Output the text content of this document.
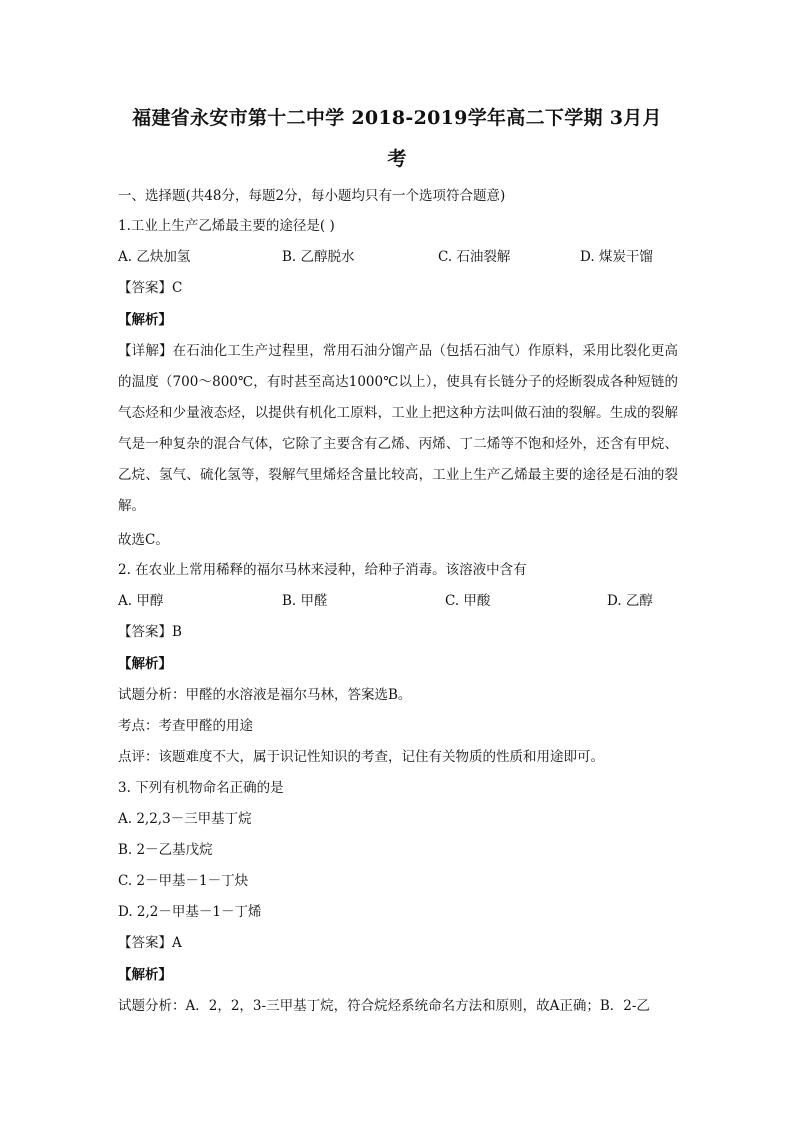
福建省永安市第十二中学 2018-2019学年高二下学期 3月月
考
一、选择题(共48分，每题2分，每小题均只有一个选项符合题意)
1.工业上生产乙烯最主要的途径是( )
A. 乙炔加氢	B. 乙醇脱水	C. 石油裂解	D. 煤炭干馏
【答案】C
【解析】
【详解】在石油化工生产过程里，常用石油分馏产品（包括石油气）作原料，采用比裂化更高的温度（700～800℃，有时甚至高达1000℃以上），使具有长链分子的烃断裂成各种短链的气态烃和少量液态烃，以提供有机化工原料，工业上把这种方法叫做石油的裂解。生成的裂解气是一种复杂的混合气体，它除了主要含有乙烯、丙烯、丁二烯等不饱和烃外，还含有甲烷、乙烷、氢气、硫化氢等，裂解气里烯烃含量比较高，工业上生产乙烯最主要的途径是石油的裂解。
故选C。
2. 在农业上常用稀释的福尔马林来浸种，给种子消毒。该溶液中含有
A. 甲醇	B. 甲醛	C. 甲酸	D. 乙醇
【答案】B
【解析】
试题分析：甲醛的水溶液是福尔马林，答案选B。
考点：考查甲醛的用途
点评：该题难度不大，属于识记性知识的考查，记住有关物质的性质和用途即可。
3. 下列有机物命名正确的是
A. 2,2,3－三甲基丁烷
B. 2－乙基戊烷
C. 2－甲基－1－丁炔
D. 2,2－甲基－1－丁烯
【答案】A
【解析】
试题分析：A．2，2，3-三甲基丁烷，符合烷烃系统命名方法和原则，故A正确；B．2-乙
